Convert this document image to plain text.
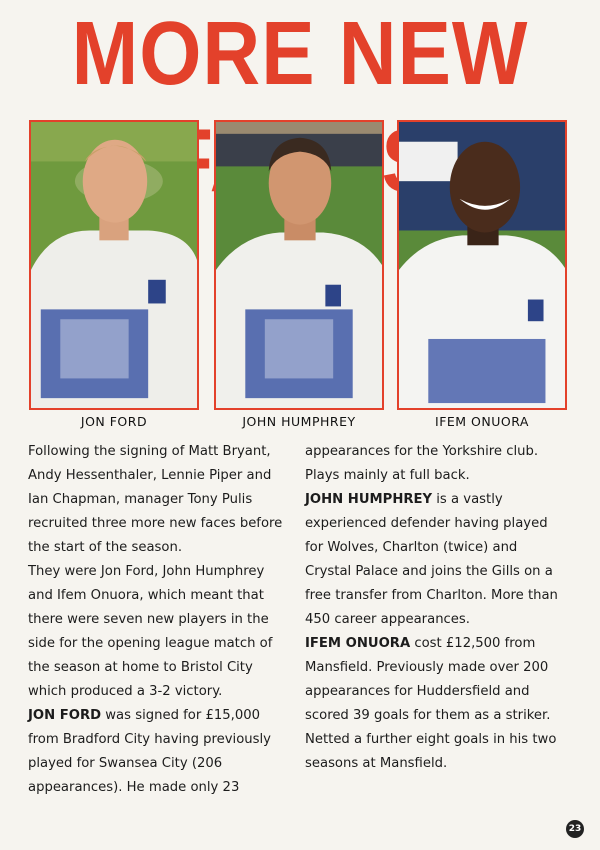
MORE NEW
JON FORD	JOHN HUMPHREY	IFEM ONUORA

Following the signing of Matt Bryant,

Andy Hessenthaler, Lennie Piper and

Ian Chapman, manager Tony Pulis

recruited three more new faces before

the start of the season.

They were Jon Ford, John Humphrey

and Ifem Onuora, which meant that

there were seven new players in the

side for the opening league match of

the season at home to Bristol City

which produced a 3-2 victory.

JON FORD was signed for £15,000

from Bradford City having previously

played for Swansea City (206

appearances). He made only 23

appearances for the Yorkshire club.

Plays mainly at full back.

JOHN HUMPHREY is a vastly

experienced defender having played

for Wolves, Charlton (twice) and

Crystal Palace and joins the Gills on a

free transfer from Charlton. More than

450 career appearances.

IFEM ONUORA cost £12,500 from

Mansfield. Previously made over 200

appearances for Huddersfield and

scored 39 goals for them as a striker.

Netted a further eight goals in his two

seasons at Mansfield.

23
